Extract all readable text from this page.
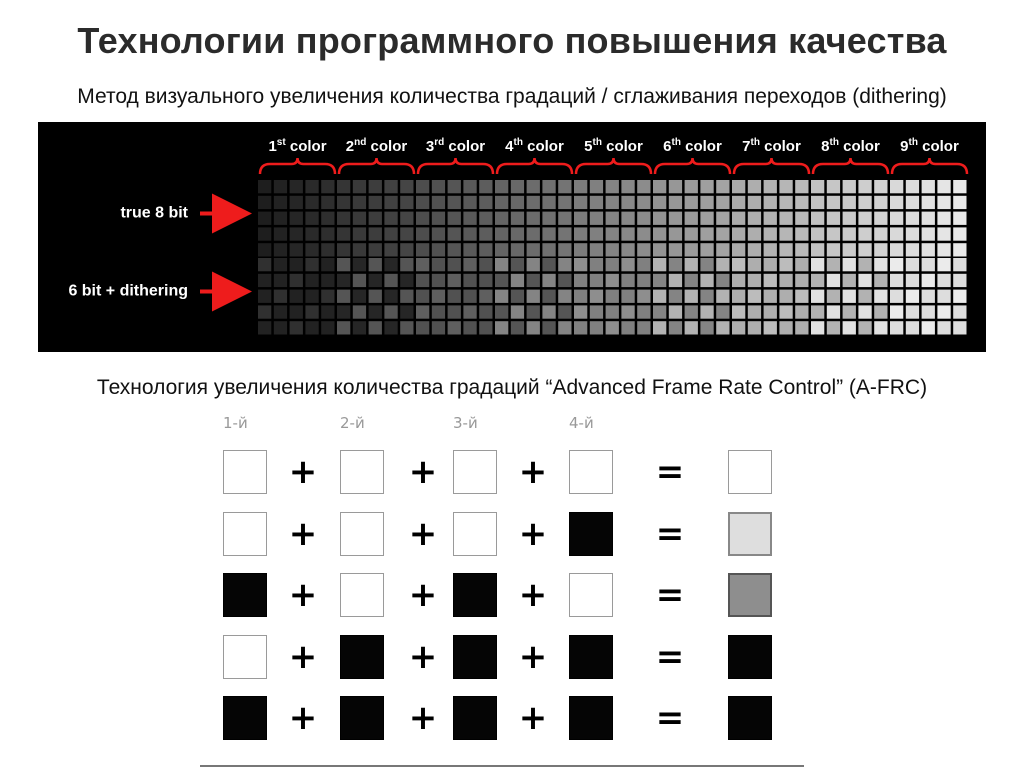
Технологии программного повышения качества
Метод визуального увеличения количества градаций / сглаживания переходов (dithering)
1st color 2nd color 3rd color 4th color 5th color 6th color 7th color 8th color 9th color
true 8 bit
6 bit + dithering
Технология увеличения количества градаций “Advanced Frame Rate Control” (A-FRC)
1-й	2-й	3-й	4-й
+	+ +	=
+	+ +	=
+	+ +	=
+	+ +	=
+	+ +	=
